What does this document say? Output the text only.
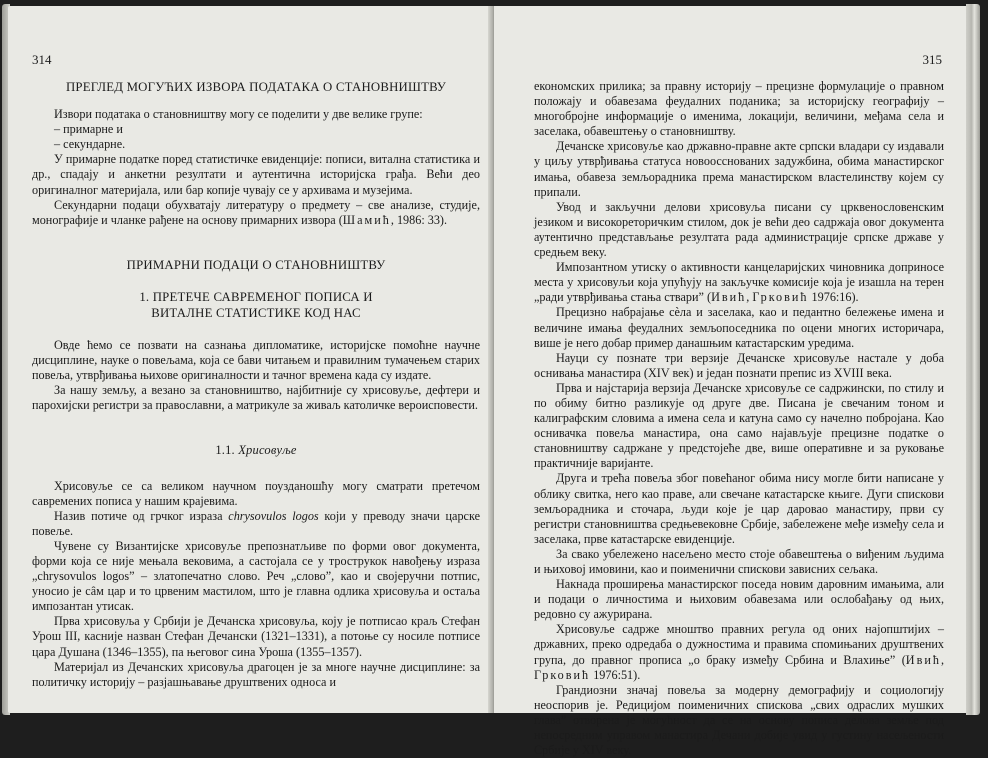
314
ПРЕГЛЕД МОГУЋИХ ИЗВОРА ПОДАТАКА О СТАНОВНИШТВУ

Извори података о становништву могу се поделити у две велике групе:

– примарне и

– секундарне.

У примарне податке поред статистичке евиденције: пописи, витална статистика и др., спадају и анкетни резултати и аутентична историјска грађа. Већи део оригиналног материјала, или бар копије чувају се у архивама и музејима.

Секундарни подаци обухватају литературу о предмету – све анализе, студије, монографије и чланке рађене на основу примарних извора (Шамић, 1986: 33).

ПРИМАРНИ ПОДАЦИ О СТАНОВНИШТВУ
1. ПРЕТЕЧЕ САВРЕМЕНОГ ПОПИСА И
ВИТАЛНЕ СТАТИСТИКЕ КОД НАС

Овде ћемо се позвати на сазнања дипломатике, историјске помоћне научне дисциплине, науке о повељама, која се бави читањем и правилним тумачењем старих повеља, утврђивања њихове оригиналности и тачног времена када су издате.

За нашу земљу, а везано за становништво, најбитније су хрисовуље, дефтери и парохијски регистри за православни, а матрикуле за живаљ католичке вероисповести.

1.1. Хрисовуље

Хрисовуље се са великом научном поузданошћу могу сматрати претечом савремених пописа у нашим крајевима.

Назив потиче од грчког израза chrysovulos logos који у преводу значи царске повеље.

Чувене су Византијске хрисовуље препознатљиве по форми овог документа, форми која се није мењала вековима, а састојала се у трострукок навођењу израза „chrysovulos logos” – златопечатно слово. Реч „слово”, као и својеручни потпис, уносио је сâм цар и то црвеним мастилом, што је главна одлика хрисовуља и остаља импозантан утисак.

Прва хрисовуља у Србији је Дечанска хрисовуља, коју је потписао краљ Стефан Урош III, касније назван Стефан Дечански (1321–1331), а потоње су носиле потписе цара Душана (1346–1355), па његовог сина Уроша (1355–1357).

Материјал из Дечанских хрисовуља драгоцен је за многе научне дисциплине: за политичку историју – разјашњавање друштвених односа и

315

економских прилика; за правну историју – прецизне формулације о правном положају и обавезама феудалних поданика; за историјску географију – многобројне информације о именима, локацији, величини, међама села и заселака, обавештењу о становништву.

Дечанске хрисовуље као државно-правне акте српски владари су издавали у циљу утврђивања статуса новоосснованих задужбина, обима манастирског имања, обавеза земљорадника према манастирском властелинству којем су припали.

Увод и закључни делови хрисовуља писани су црквенословенским језиком и високореторичким стилом, док је већи део садржаја овог документа аутентично представљање резултата рада администрације српске државе у средњем веку.

Импозантном утиску о активности канцеларијских чиновника доприносе места у хрисовуљи која упућују на закључке комисије која је изашла на терен „ради утврђивања стања ствари” (Ивић, Грковић 1976:16).

Прецизно набрајање сѐла и заселака, као и педантно бележење имена и величине имања феудалних земљопоседника по оцени многих историчара, више је него добар пример данашњим катастарским уредима.

Науци су познате три верзије Дечанске хрисовуље настале у доба оснивања манастира (XIV век) и један познати препис из XVIII века.

Прва и најстарија верзија Дечанске хрисовуље се садржински, по стилу и по обиму битно разликује од друге две. Писана је свечаним тоном и калиграфским словима а имена села и катуна само су начелно побројана. Као оснивачка повеља манастира, она само најављује прецизне податке о становништву садржане у предстојеће две, више оперативне и за руковање практичније варијанте.

Друга и трећа повеља због повећаног обима нису могле бити написане у облику свитка, него као праве, али свечане катастарске књиге. Дуги спискови земљорадника и сточара, људи које је цар даровао манастиру, први су регистри становништва средњевековне Србије, забележене међе између села и заселака, прве катастарске евиденције.

За свако убележено насељено место стоје обавештења о виђеним људима и њиховој имовини, као и поименични спискови зависних сељака.

Накнада проширења манастирског поседа новим даровним имањима, али и подаци о личностима и њиховим обавезама или ослобађању од њих, редовно су ажурирана.

Хрисовуље садрже мноштво правних регула од оних најопштијих – државних, преко одредаба о дужностима и правима спомињаних друштвених група, до правног прописа „о браку између Србина и Влахиње” (Ивић, Грковић 1976:51).

Грандиозни значај повеља за модерну демографију и социологију неоспорив је. Редицијом поименичних спискова „свих одраслих мушких глава” отворена је могућност да се на основу пописа делова земље под непосредним управом манастира Дечани добије увид у густину насељености Србије у XIV веку.
